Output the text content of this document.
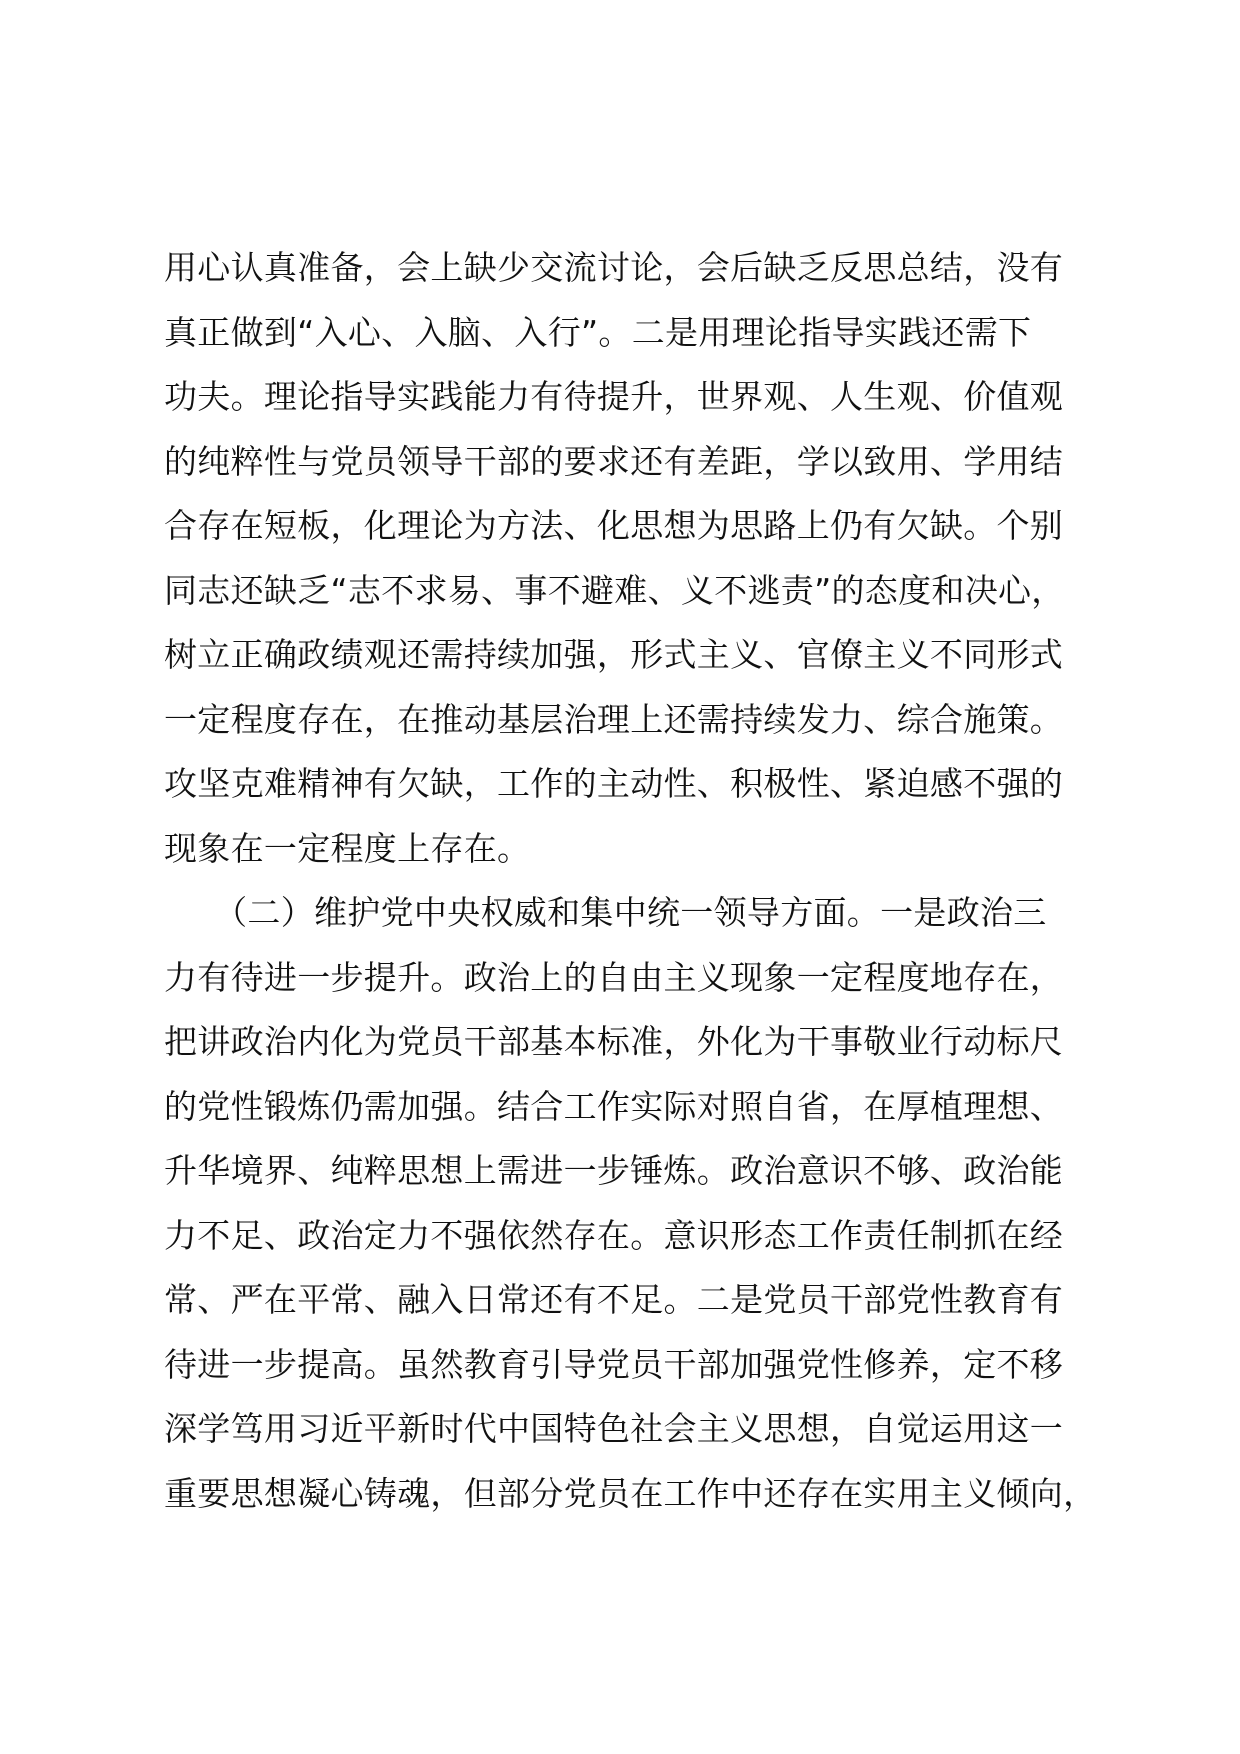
用心认真准备，会上缺少交流讨论，会后缺乏反思总结，没有

真正做到“入心、入脑、入行”。二是用理论指导实践还需下

功夫。理论指导实践能力有待提升，世界观、人生观、价值观

的纯粹性与党员领导干部的要求还有差距，学以致用、学用结

合存在短板，化理论为方法、化思想为思路上仍有欠缺。个别

同志还缺乏“志不求易、事不避难、义不逃责”的态度和决心，

树立正确政绩观还需持续加强，形式主义、官僚主义不同形式

一定程度存在，在推动基层治理上还需持续发力、综合施策。

攻坚克难精神有欠缺，工作的主动性、积极性、紧迫感不强的

现象在一定程度上存在。

　　（二）维护党中央权威和集中统一领导方面。一是政治三

力有待进一步提升。政治上的自由主义现象一定程度地存在，

把讲政治内化为党员干部基本标准，外化为干事敬业行动标尺

的党性锻炼仍需加强。结合工作实际对照自省，在厚植理想、

升华境界、纯粹思想上需进一步锤炼。政治意识不够、政治能

力不足、政治定力不强依然存在。意识形态工作责任制抓在经

常、严在平常、融入日常还有不足。二是党员干部党性教育有

待进一步提高。虽然教育引导党员干部加强党性修养，定不移

深学笃用习近平新时代中国特色社会主义思想，自觉运用这一

重要思想凝心铸魂，但部分党员在工作中还存在实用主义倾向，
